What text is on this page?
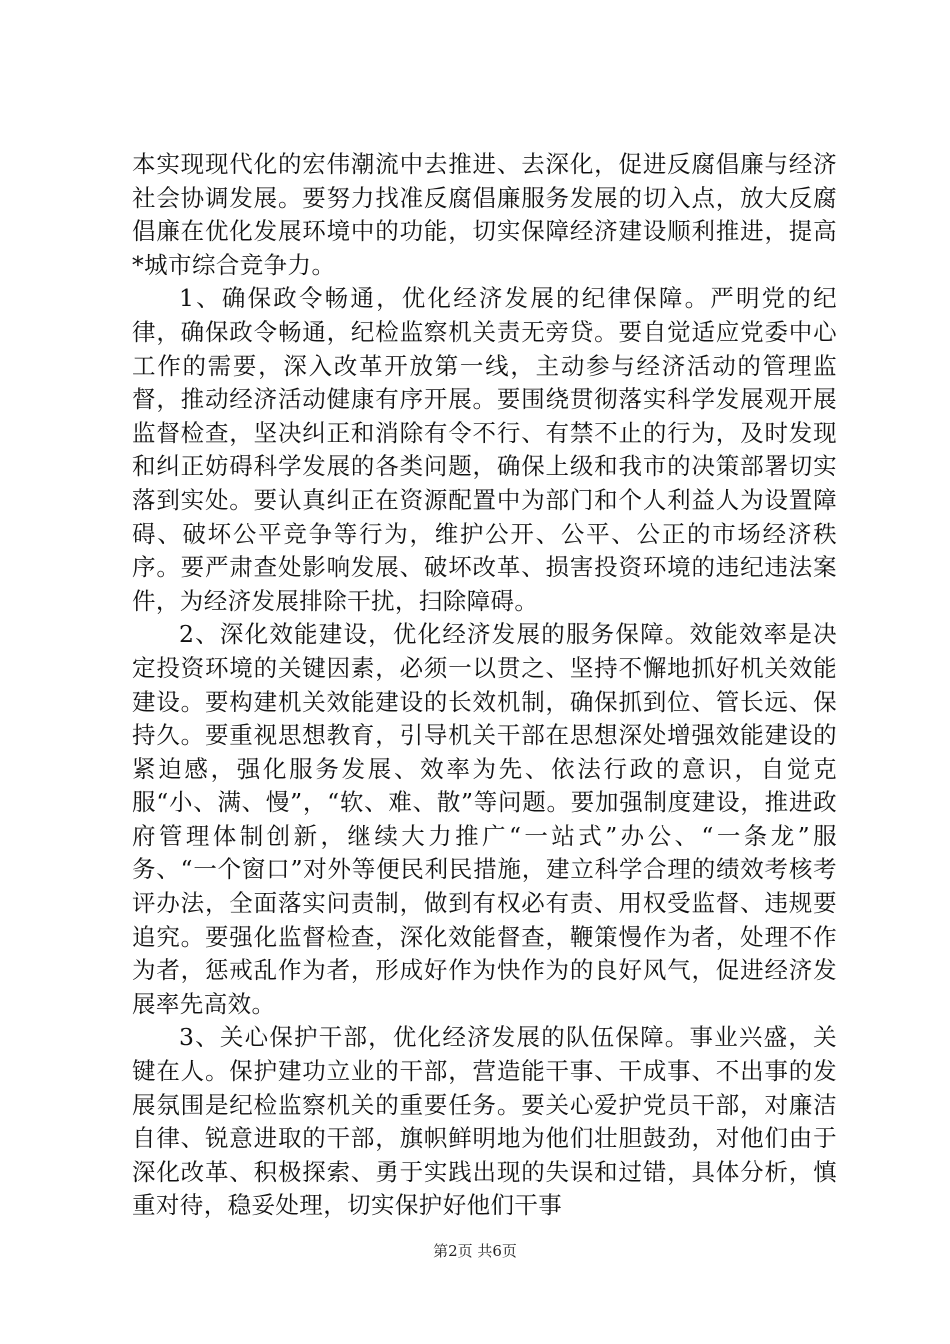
本实现现代化的宏伟潮流中去推进、去深化，促进反腐倡廉与经济社会协调发展。要努力找准反腐倡廉服务发展的切入点，放大反腐倡廉在优化发展环境中的功能，切实保障经济建设顺利推进，提高*城市综合竞争力。

1、确保政令畅通，优化经济发展的纪律保障。严明党的纪律，确保政令畅通，纪检监察机关责无旁贷。要自觉适应党委中心工作的需要，深入改革开放第一线，主动参与经济活动的管理监督，推动经济活动健康有序开展。要围绕贯彻落实科学发展观开展监督检查，坚决纠正和消除有令不行、有禁不止的行为，及时发现和纠正妨碍科学发展的各类问题，确保上级和我市的决策部署切实落到实处。要认真纠正在资源配置中为部门和个人利益人为设置障碍、破坏公平竞争等行为，维护公开、公平、公正的市场经济秩序。要严肃查处影响发展、破坏改革、损害投资环境的违纪违法案件，为经济发展排除干扰，扫除障碍。

2、深化效能建设，优化经济发展的服务保障。效能效率是决定投资环境的关键因素，必须一以贯之、坚持不懈地抓好机关效能建设。要构建机关效能建设的长效机制，确保抓到位、管长远、保持久。要重视思想教育，引导机关干部在思想深处增强效能建设的紧迫感，强化服务发展、效率为先、依法行政的意识，自觉克服“小、满、慢”，“软、难、散”等问题。要加强制度建设，推进政府管理体制创新，继续大力推广“一站式”办公、“一条龙”服务、“一个窗口”对外等便民利民措施，建立科学合理的绩效考核考评办法，全面落实问责制，做到有权必有责、用权受监督、违规要追究。要强化监督检查，深化效能督查，鞭策慢作为者，处理不作为者，惩戒乱作为者，形成好作为快作为的良好风气，促进经济发展率先高效。

3、关心保护干部，优化经济发展的队伍保障。事业兴盛，关键在人。保护建功立业的干部，营造能干事、干成事、不出事的发展氛围是纪检监察机关的重要任务。要关心爱护党员干部，对廉洁自律、锐意进取的干部，旗帜鲜明地为他们壮胆鼓劲，对他们由于深化改革、积极探索、勇于实践出现的失误和过错，具体分析，慎重对待，稳妥处理，切实保护好他们干事

第2页 共6页
